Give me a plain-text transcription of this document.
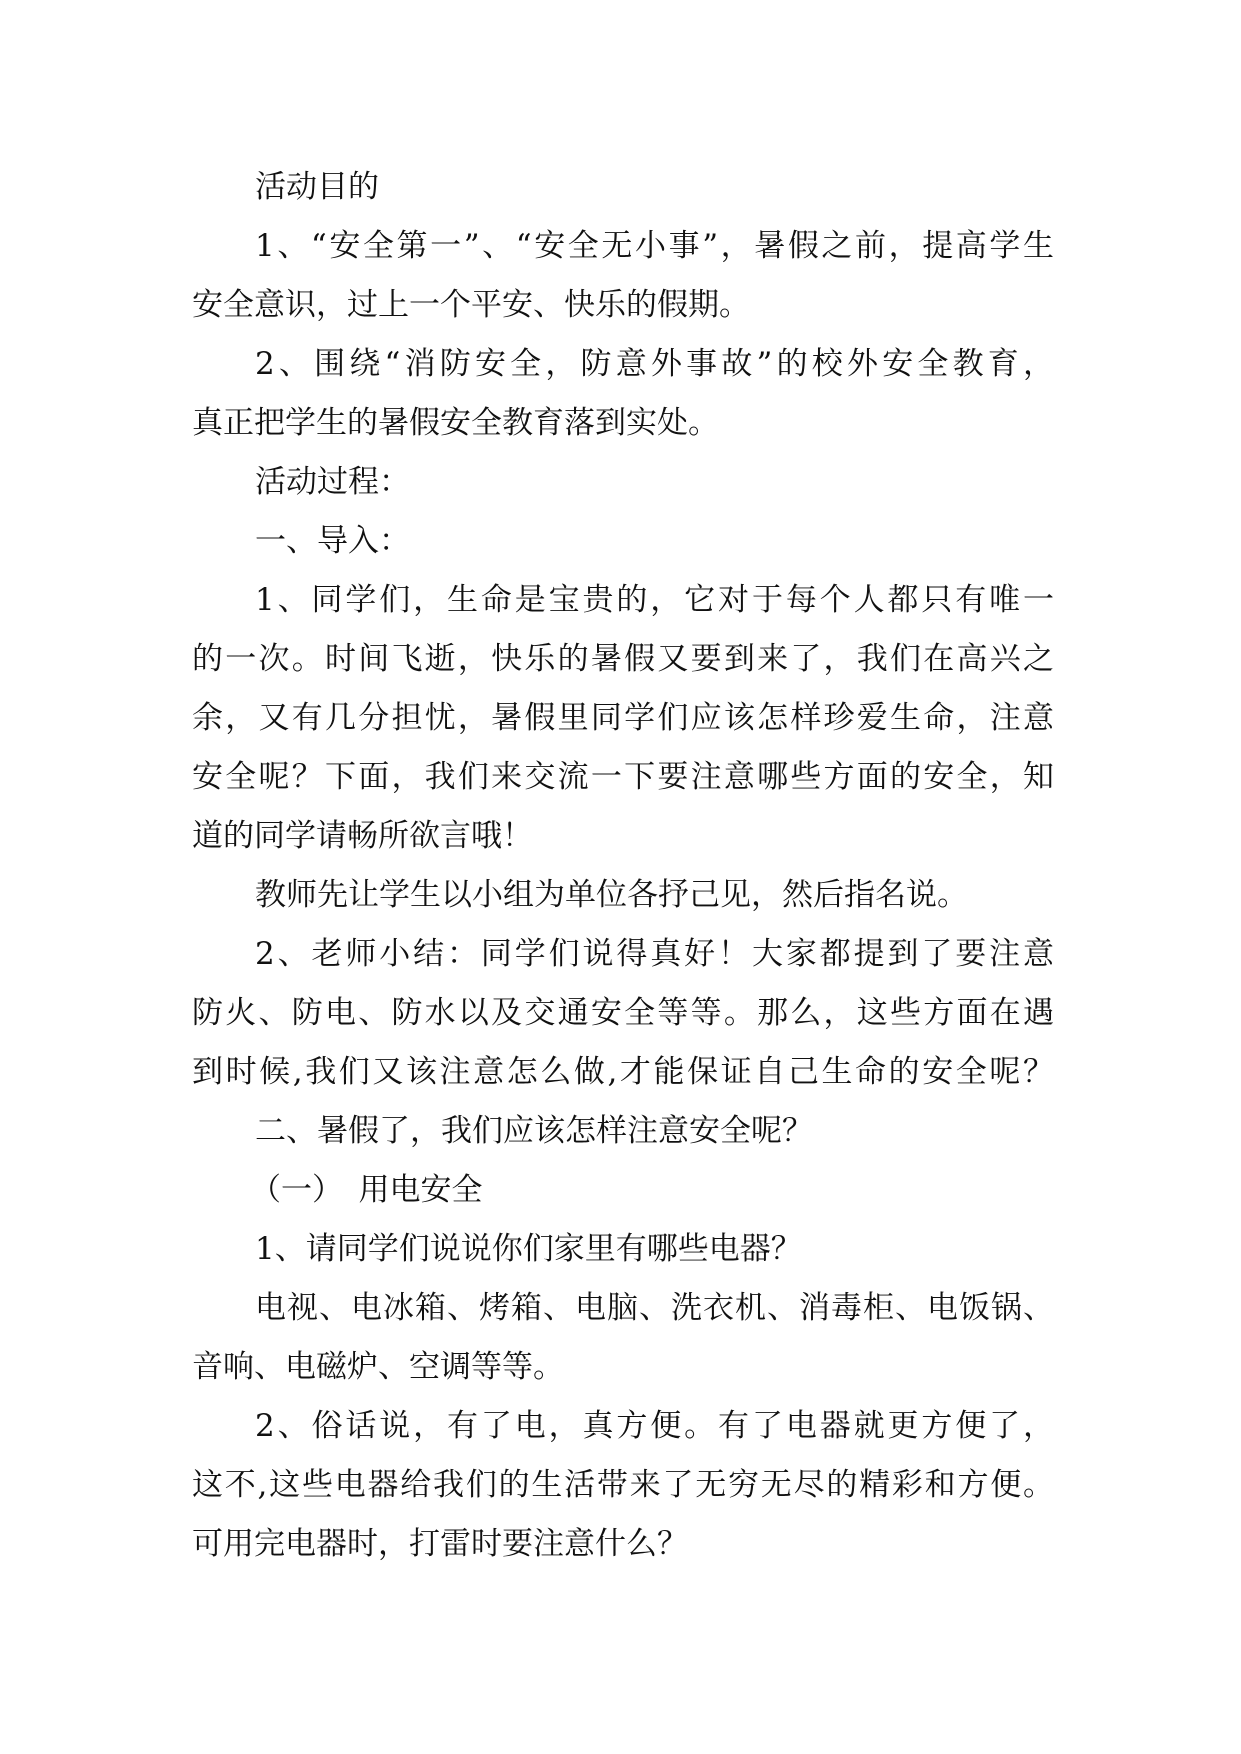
活动目的
1、“安全第一”、“安全无小事”，暑假之前，提高学生
安全意识，过上一个平安、快乐的假期。
2、围绕“消防安全，防意外事故”的校外安全教育，
真正把学生的暑假安全教育落到实处。
活动过程：
一、导入：
1、同学们，生命是宝贵的，它对于每个人都只有唯一
的一次。时间飞逝，快乐的暑假又要到来了，我们在高兴之
余，又有几分担忧，暑假里同学们应该怎样珍爱生命，注意
安全呢？下面，我们来交流一下要注意哪些方面的安全，知
道的同学请畅所欲言哦！
教师先让学生以小组为单位各抒己见，然后指名说。
2、老师小结：同学们说得真好！大家都提到了要注意
防火、防电、防水以及交通安全等等。那么，这些方面在遇
到时候,我们又该注意怎么做,才能保证自己生命的安全呢？
二、暑假了，我们应该怎样注意安全呢？
（一）　用电安全
1、请同学们说说你们家里有哪些电器？
电视、电冰箱、烤箱、电脑、洗衣机、消毒柜、电饭锅、
音响、电磁炉、空调等等。
2、俗话说，有了电，真方便。有了电器就更方便了，
这不,这些电器给我们的生活带来了无穷无尽的精彩和方便。
可用完电器时，打雷时要注意什么？
